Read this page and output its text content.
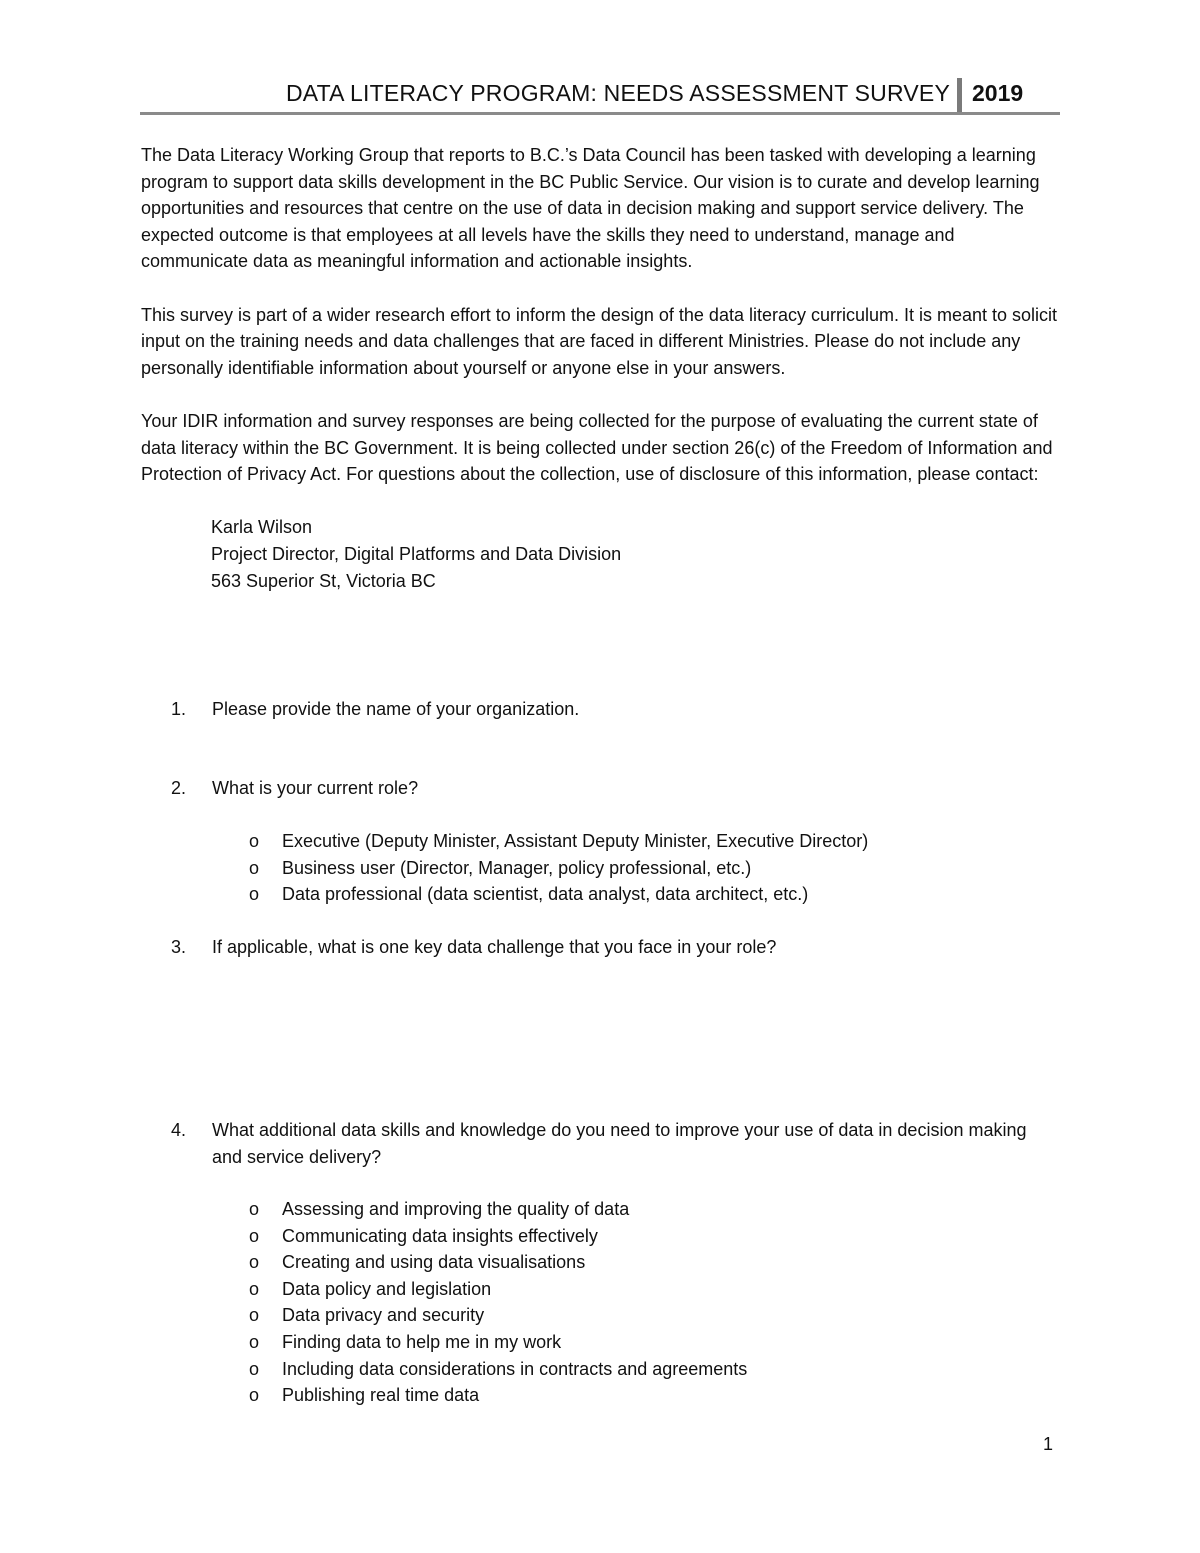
DATA LITERACY PROGRAM: NEEDS ASSESSMENT SURVEY 2019

The Data Literacy Working Group that reports to B.C.’s Data Council has been tasked with developing a learning program to support data skills development in the BC Public Service. Our vision is to curate and develop learning opportunities and resources that centre on the use of data in decision making and support service delivery. The expected outcome is that employees at all levels have the skills they need to understand, manage and communicate data as meaningful information and actionable insights.

This survey is part of a wider research effort to inform the design of the data literacy curriculum. It is meant to solicit input on the training needs and data challenges that are faced in different Ministries. Please do not include any personally identifiable information about yourself or anyone else in your answers.

Your IDIR information and survey responses are being collected for the purpose of evaluating the current state of data literacy within the BC Government. It is being collected under section 26(c) of the Freedom of Information and Protection of Privacy Act. For questions about the collection, use of disclosure of this information, please contact:

Karla Wilson
Project Director, Digital Platforms and Data Division
563 Superior St, Victoria BC
1. Please provide the name of your organization.
2. What is your current role?
o Executive (Deputy Minister, Assistant Deputy Minister, Executive Director)
o Business user (Director, Manager, policy professional, etc.)
o Data professional (data scientist, data analyst, data architect, etc.)
3. If applicable, what is one key data challenge that you face in your role?
4. What additional data skills and knowledge do you need to improve your use of data in decision making and service delivery?
o Assessing and improving the quality of data
o Communicating data insights effectively
o Creating and using data visualisations
o Data policy and legislation
o Data privacy and security
o Finding data to help me in my work
o Including data considerations in contracts and agreements
o Publishing real time data
1
